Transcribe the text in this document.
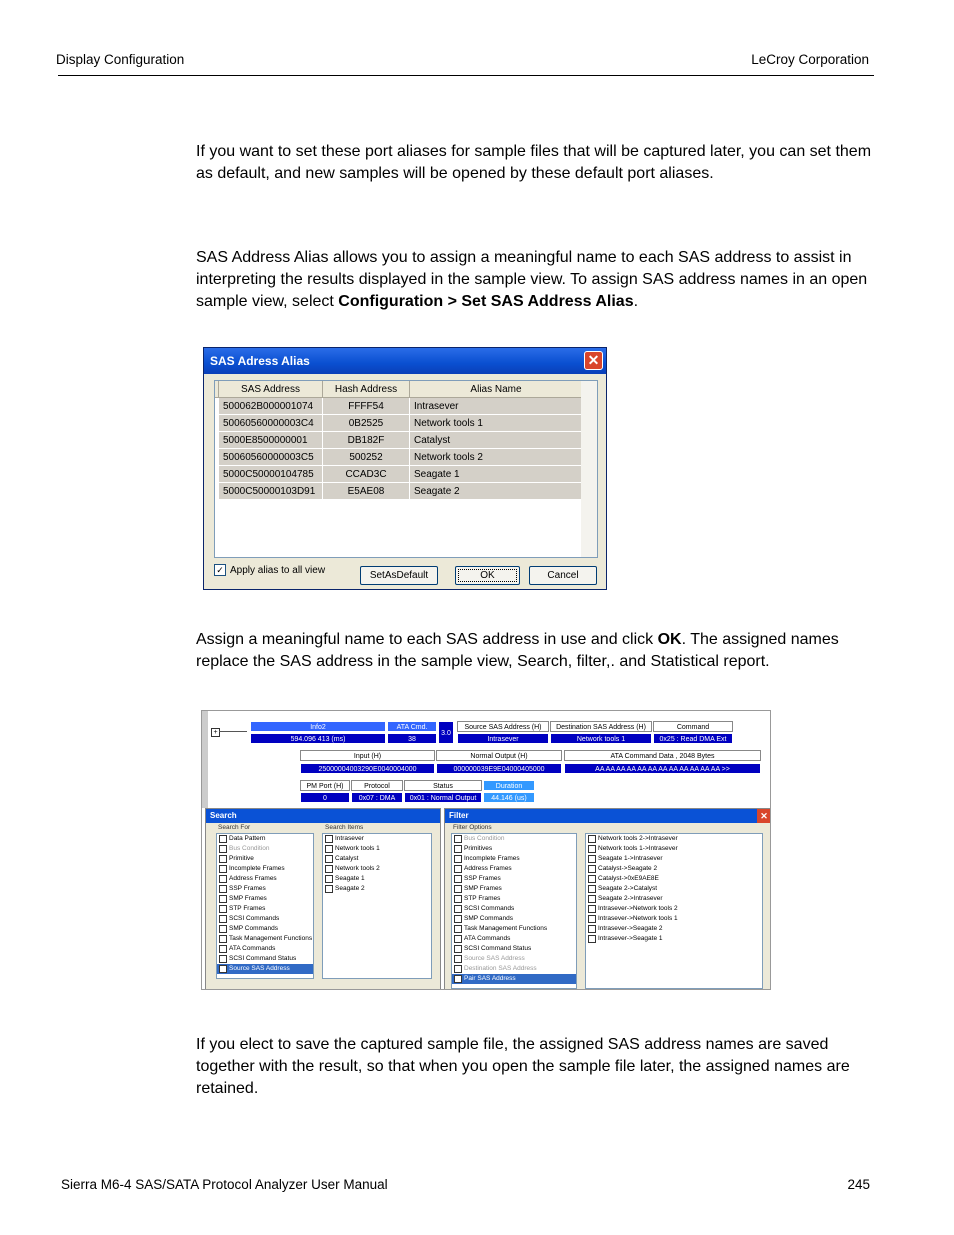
Display Configuration	LeCroy Corporation
If you want to set these port aliases for sample files that will be captured later, you can set them as default, and new samples will be opened by these default port aliases.
SAS Address Alias allows you to assign a meaningful name to each SAS address to assist in interpreting the results displayed in the sample view. To assign SAS address names in an open sample view, select Configuration > Set SAS Address Alias.
SAS Adress Alias	✕
SAS Address	Hash Address	Alias Name
500062B000001074	FFFF54	Intrasever
50060560000003C4	0B2525	Network tools 1
5000E8500000001	DB182F	Catalyst
50060560000003C5	500252	Network tools 2
5000C50000104785	CCAD3C	Seagate 1
5000C50000103D91	E5AE08	Seagate 2
✓ Apply alias to all view	SetAsDefault	OK	Cancel
Assign a meaningful name to each SAS address in use and click OK. The assigned names replace the SAS address in the sample view, Search, filter,. and Statistical report.
+
Info2
594.096 413 (ms)
ATA Cmd.
38
3.0
Source SAS Address (H)
Intrasever
Destination SAS Address (H)
Network tools 1
Command
0x25 : Read DMA Ext
Input (H)
25000004003290E0040004000
Normal Output (H)
000000039E9E04000405000
ATA Command Data , 2048 Bytes
AA AA AA AA AA AA AA AA AA AA AA AA >>
PM Port (H)
0
Protocol
0x07 : DMA
Status
0x01 : Normal Output
Duration
44.146 (us)
Search
Search For	Search Items
Data Pattern
Bus Condition
Primitive
Incomplete Frames
Address Frames
SSP Frames
SMP Frames
STP Frames
SCSI Commands
SMP Commands
Task Management Functions
ATA Commands
SCSI Command Status
Source SAS Address
Intrasever
Network tools 1
Catalyst
Network tools 2
Seagate 1
Seagate 2
Filter	✕
Filter Options
Bus Condition
Primitives
Incomplete Frames
Address Frames
SSP Frames
SMP Frames
STP Frames
SCSI Commands
SMP Commands
Task Management Functions
ATA Commands
SCSI Command Status
Source SAS Address
Destination SAS Address
Pair SAS Address
Network tools 2->Intrasever
Network tools 1->Intrasever
Seagate 1->Intrasever
Catalyst->Seagate 2
Catalyst->0xE9AE8E
Seagate 2->Catalyst
Seagate 2->Intrasever
Intrasever->Network tools 2
Intrasever->Network tools 1
Intrasever->Seagate 2
Intrasever->Seagate 1
If you elect to save the captured sample file, the assigned SAS address names are saved together with the result, so that when you open the sample file later, the assigned names are retained.
Sierra M6-4 SAS/SATA Protocol Analyzer User Manual	245
